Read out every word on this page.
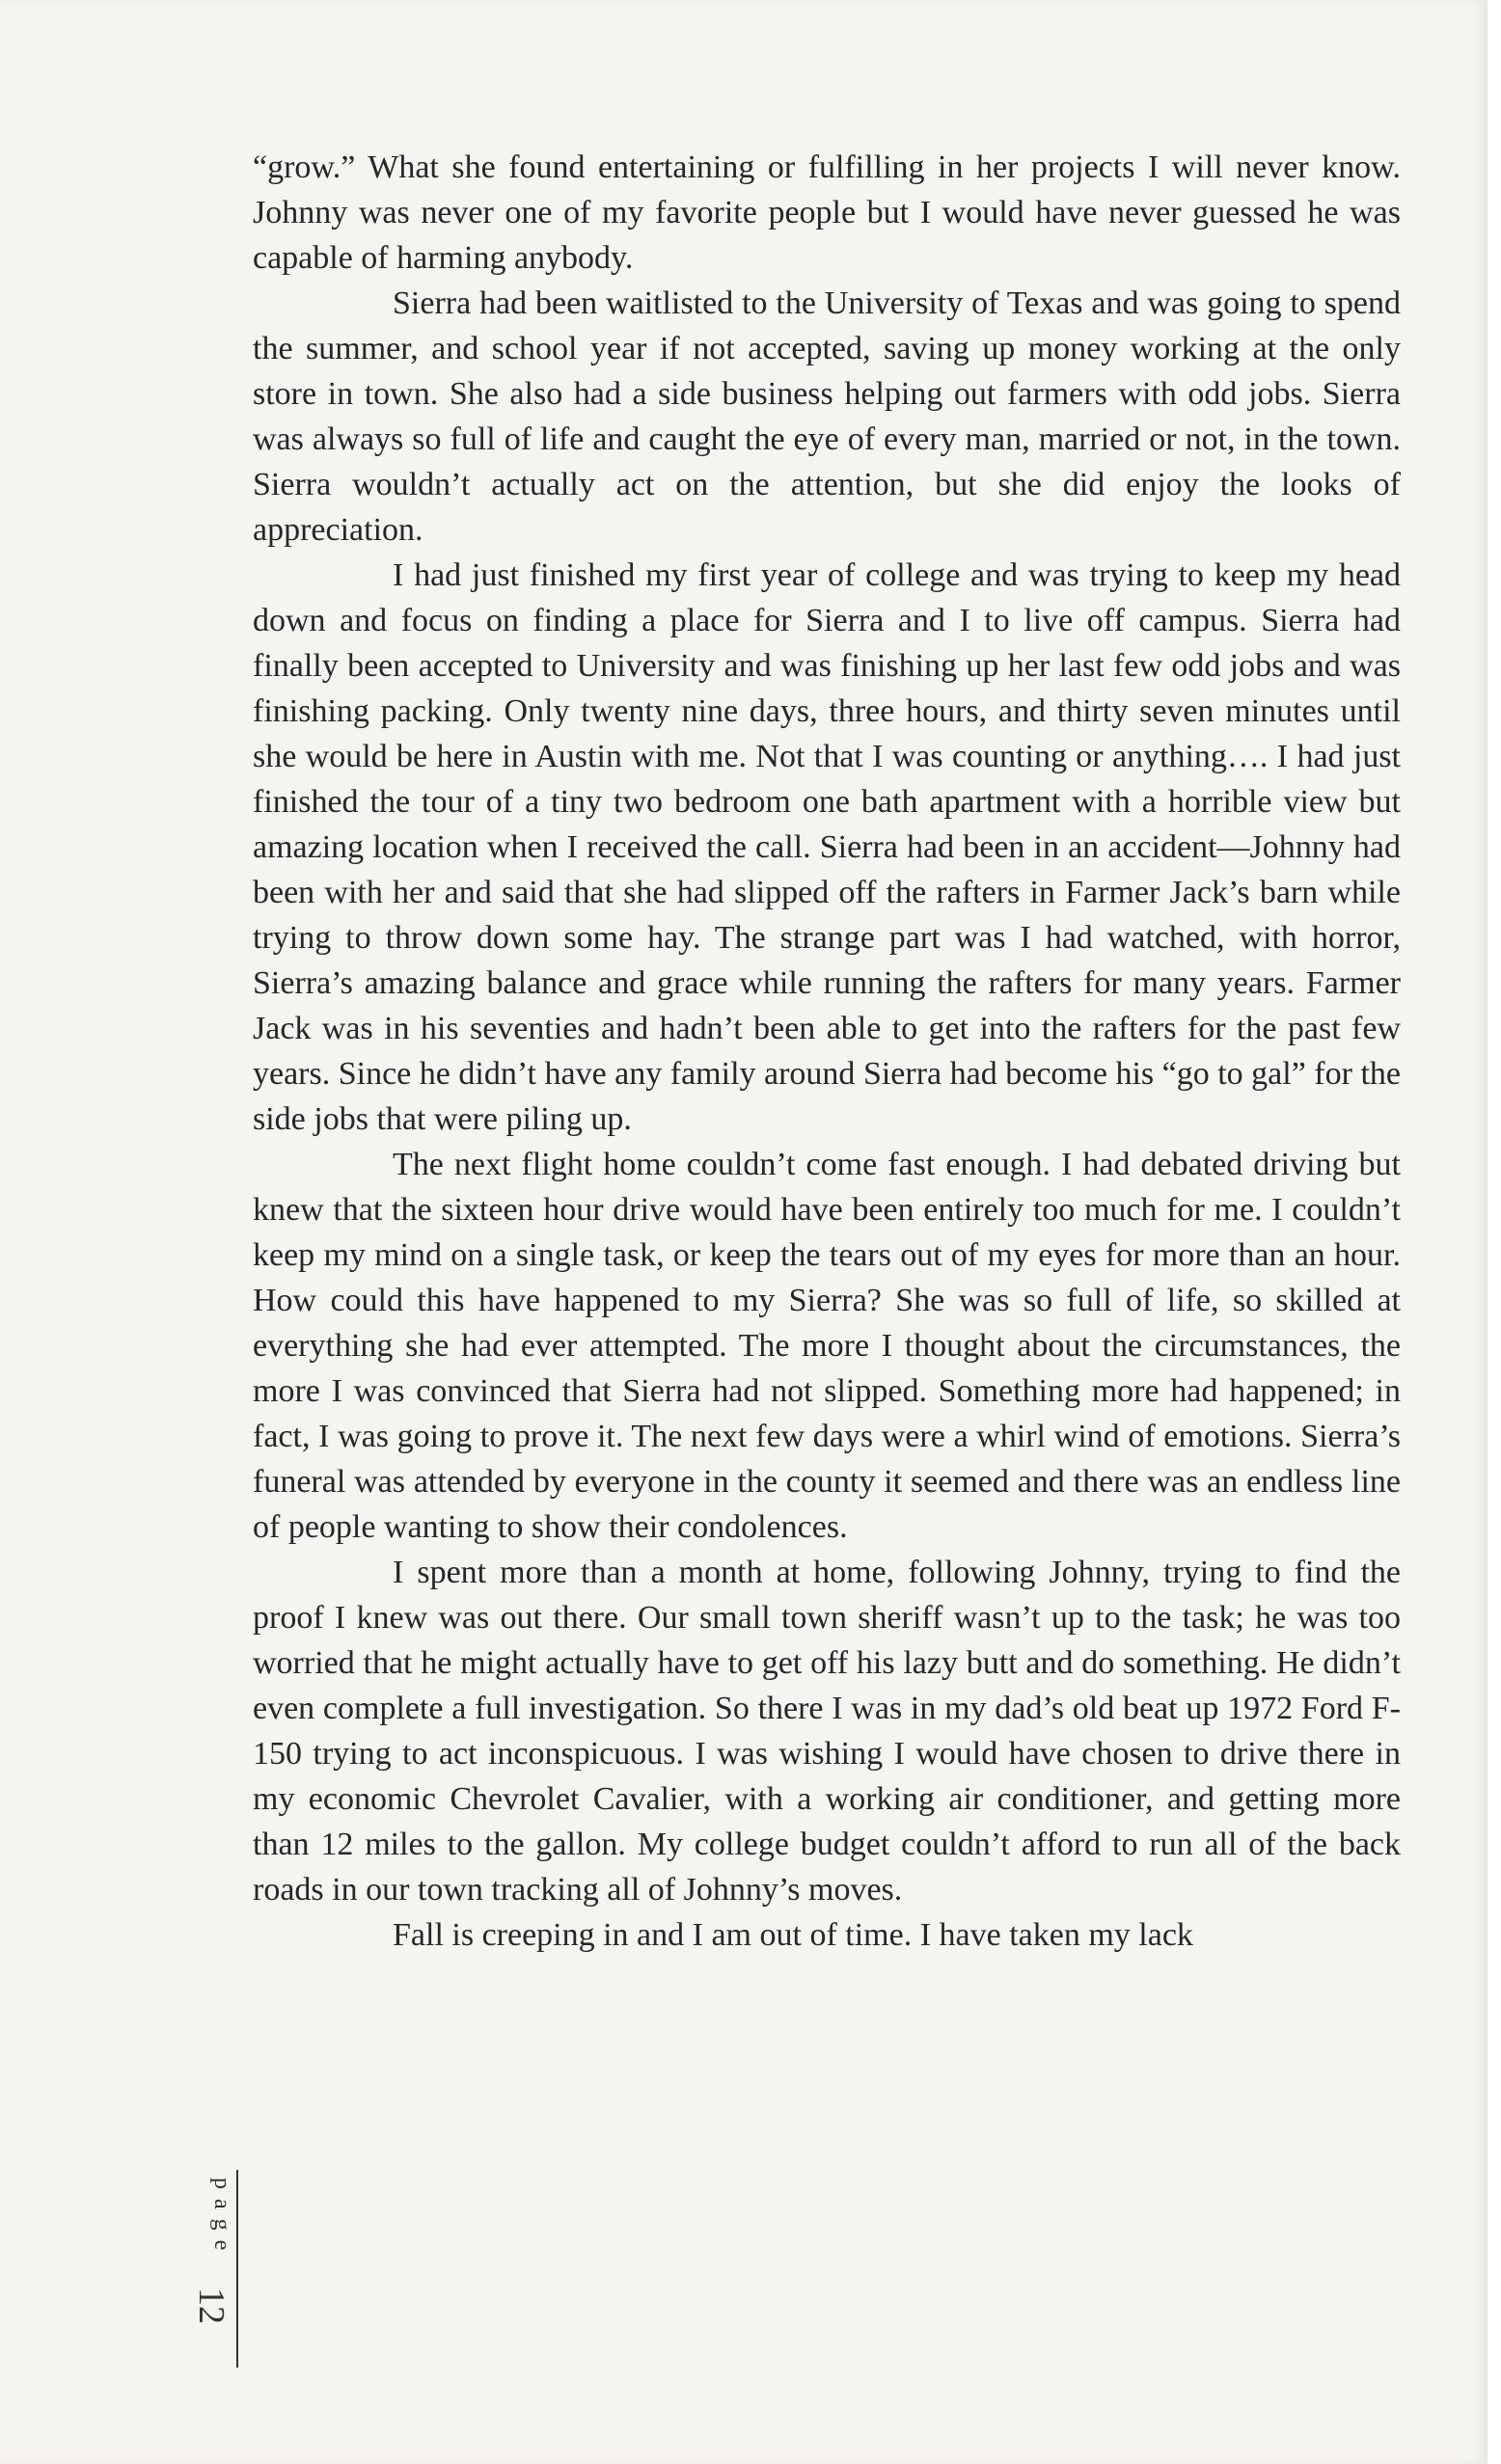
“grow.” What she found entertaining or fulfilling in her projects I will never know. Johnny was never one of my favorite people but I would have never guessed he was capable of harming anybody.

Sierra had been waitlisted to the University of Texas and was going to spend the summer, and school year if not accepted, saving up money working at the only store in town. She also had a side business helping out farmers with odd jobs. Sierra was always so full of life and caught the eye of every man, married or not, in the town. Sierra wouldn’t actually act on the attention, but she did enjoy the looks of appreciation.

I had just finished my first year of college and was trying to keep my head down and focus on finding a place for Sierra and I to live off campus. Sierra had finally been accepted to University and was finishing up her last few odd jobs and was finishing packing. Only twenty nine days, three hours, and thirty seven minutes until she would be here in Austin with me. Not that I was counting or anything…. I had just finished the tour of a tiny two bedroom one bath apartment with a horrible view but amazing location when I received the call. Sierra had been in an accident—Johnny had been with her and said that she had slipped off the rafters in Farmer Jack’s barn while trying to throw down some hay. The strange part was I had watched, with horror, Sierra’s amazing balance and grace while running the rafters for many years. Farmer Jack was in his seventies and hadn’t been able to get into the rafters for the past few years. Since he didn’t have any family around Sierra had become his “go to gal” for the side jobs that were piling up.

The next flight home couldn’t come fast enough. I had debated driving but knew that the sixteen hour drive would have been entirely too much for me. I couldn’t keep my mind on a single task, or keep the tears out of my eyes for more than an hour. How could this have happened to my Sierra? She was so full of life, so skilled at everything she had ever attempted. The more I thought about the circumstances, the more I was convinced that Sierra had not slipped. Something more had happened; in fact, I was going to prove it. The next few days were a whirl wind of emotions. Sierra’s funeral was attended by everyone in the county it seemed and there was an endless line of people wanting to show their condolences.

I spent more than a month at home, following Johnny, trying to find the proof I knew was out there. Our small town sheriff wasn’t up to the task; he was too worried that he might actually have to get off his lazy butt and do something. He didn’t even complete a full investigation. So there I was in my dad’s old beat up 1972 Ford F-150 trying to act inconspicuous. I was wishing I would have chosen to drive there in my economic Chevrolet Cavalier, with a working air conditioner, and getting more than 12 miles to the gallon. My college budget couldn’t afford to run all of the back roads in our town tracking all of Johnny’s moves.

Fall is creeping in and I am out of time. I have taken my lack

page
12
